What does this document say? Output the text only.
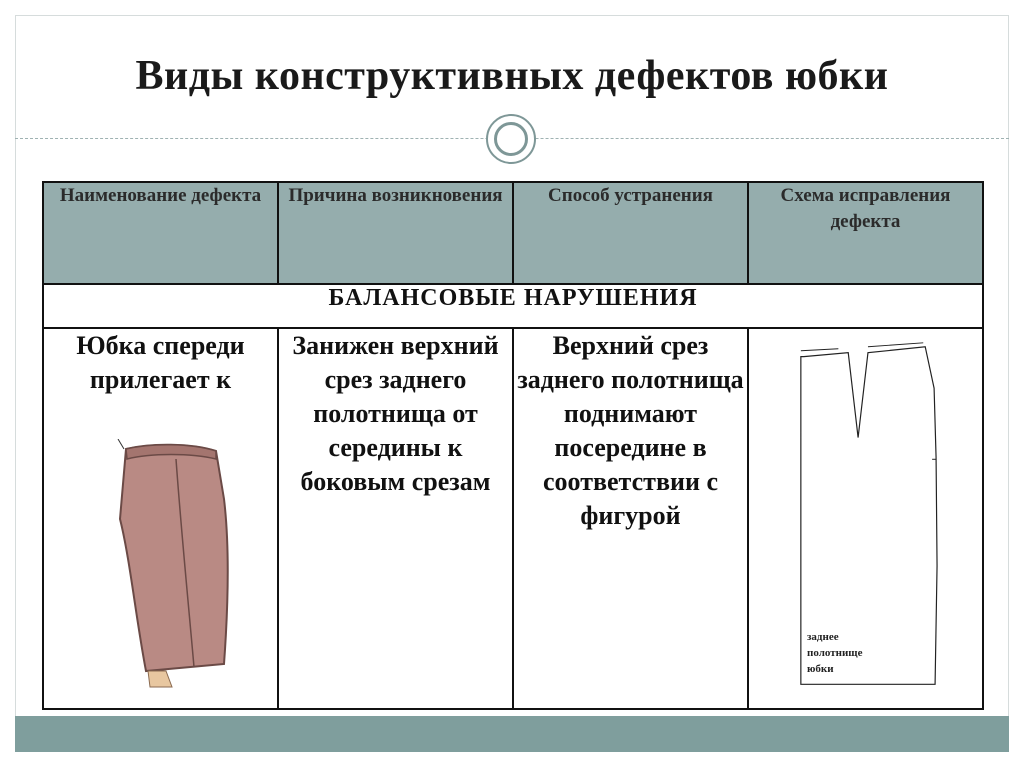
Виды конструктивных дефектов юбки
Наименование дефекта	Причина возникновения	Способ устранения	Схема исправления дефекта
БАЛАНСОВЫЕ НАРУШЕНИЯ			

Юбка спереди прилегает к	Занижен верхний срез заднего полотнища от середины к боковым срезам	Верхний срез заднего полотнища поднимают посередине в соответствии с фигурой	заднее
полотнище
юбки
